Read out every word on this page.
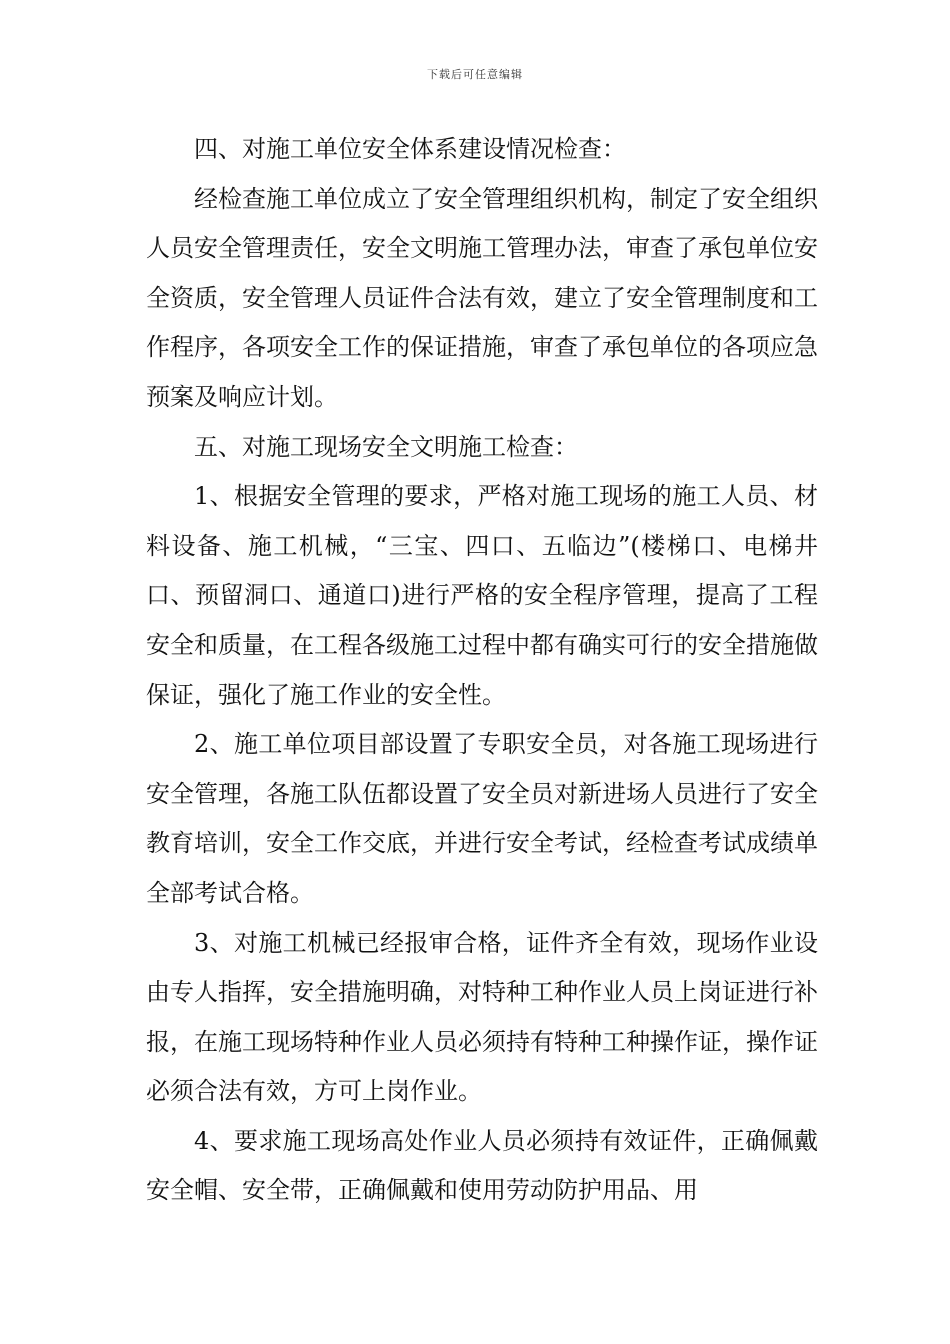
下载后可任意编辑

四、对施工单位安全体系建设情况检查：

经检查施工单位成立了安全管理组织机构，制定了安全组织人员安全管理责任，安全文明施工管理办法，审查了承包单位安全资质，安全管理人员证件合法有效，建立了安全管理制度和工作程序，各项安全工作的保证措施，审查了承包单位的各项应急预案及响应计划。

五、对施工现场安全文明施工检查：

1、根据安全管理的要求，严格对施工现场的施工人员、材料设备、施工机械，“三宝、四口、五临边”(楼梯口、电梯井口、预留洞口、通道口)进行严格的安全程序管理，提高了工程安全和质量，在工程各级施工过程中都有确实可行的安全措施做保证，强化了施工作业的安全性。

2、施工单位项目部设置了专职安全员，对各施工现场进行安全管理，各施工队伍都设置了安全员对新进场人员进行了安全教育培训，安全工作交底，并进行安全考试，经检查考试成绩单全部考试合格。

3、对施工机械已经报审合格，证件齐全有效，现场作业设由专人指挥，安全措施明确，对特种工种作业人员上岗证进行补报，在施工现场特种作业人员必须持有特种工种操作证，操作证必须合法有效，方可上岗作业。

4、要求施工现场高处作业人员必须持有效证件，正确佩戴安全帽、安全带，正确佩戴和使用劳动防护用品、用
